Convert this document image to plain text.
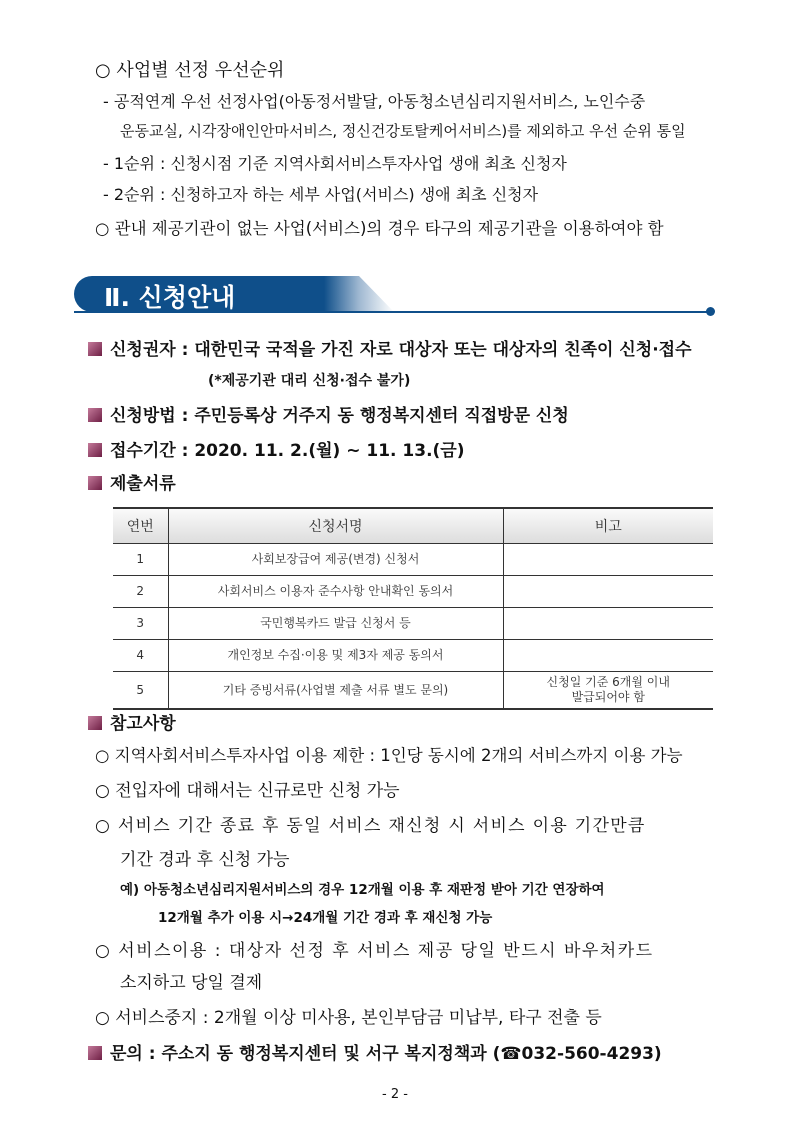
○ 사업별 선정 우선순위
- 공적연계 우선 선정사업(아동정서발달, 아동청소년심리지원서비스, 노인수중
운동교실, 시각장애인안마서비스, 정신건강토탈케어서비스)를 제외하고 우선 순위 통일
- 1순위 : 신청시점 기준 지역사회서비스투자사업 생애 최초 신청자
- 2순위 : 신청하고자 하는 세부 사업(서비스) 생애 최초 신청자
○ 관내 제공기관이 없는 사업(서비스)의 경우 타구의 제공기관을 이용하여야 함
Ⅱ. 신청안내
신청권자 : 대한민국 국적을 가진 자로 대상자 또는 대상자의 친족이 신청·접수
(*제공기관 대리 신청·접수 불가)
신청방법 : 주민등록상 거주지 동 행정복지센터 직접방문 신청
접수기간 : 2020. 11. 2.(월) ~ 11. 13.(금)
제출서류
연번	신청서명	비고
1	사회보장급여 제공(변경) 신청서	
2	사회서비스 이용자 준수사항 안내확인 동의서	
3	국민행복카드 발급 신청서 등	
4	개인정보 수집·이용 및 제3자 제공 동의서	
5	기타 증빙서류(사업별 제출 서류 별도 문의)	신청일 기준 6개월 이내 발급되어야 함
참고사항
○ 지역사회서비스투자사업 이용 제한 : 1인당 동시에 2개의 서비스까지 이용 가능
○ 전입자에 대해서는 신규로만 신청 가능
○ 서비스 기간 종료 후 동일 서비스 재신청 시 서비스 이용 기간만큼
기간 경과 후 신청 가능
예) 아동청소년심리지원서비스의 경우 12개월 이용 후 재판정 받아 기간 연장하여
12개월 추가 이용 시→24개월 기간 경과 후 재신청 가능
○ 서비스이용 : 대상자 선정 후 서비스 제공 당일 반드시 바우처카드
소지하고 당일 결제
○ 서비스중지 : 2개월 이상 미사용, 본인부담금 미납부, 타구 전출 등
문의 : 주소지 동 행정복지센터 및 서구 복지정책과 (☎032-560-4293)
- 2 -
